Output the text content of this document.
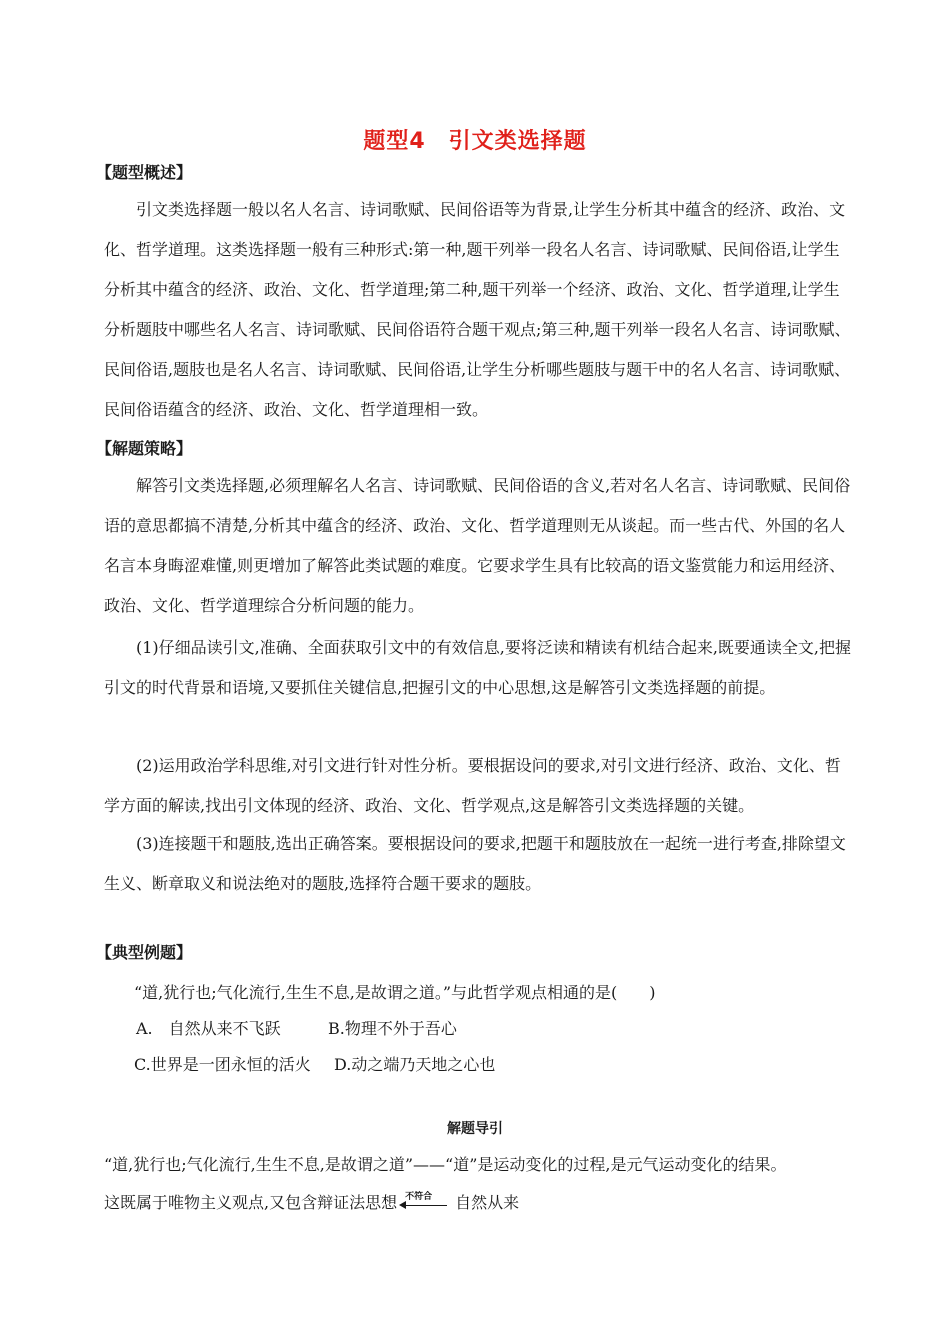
题型4　引文类选择题
【 题型概述 】

引文类选择题一般以名人名言、诗词歌赋、民间俗语等为背景,让学生分析其中蕴含的经济、政治、文化、哲学道理。这类选择题一般有三种形式:第一种,题干列举一段名人名言、诗词歌赋、民间俗语,让学生分析其中蕴含的经济、政治、文化、哲学道理;第二种,题干列举一个经济、政治、文化、哲学道理,让学生分析题肢中哪些名人名言、诗词歌赋、民间俗语符合题干观点;第三种,题干列举一段名人名言、诗词歌赋、民间俗语,题肢也是名人名言、诗词歌赋、民间俗语,让学生分析哪些题肢与题干中的名人名言、诗词歌赋、民间俗语蕴含的经济、政治、文化、哲学道理相一致。

【 解题策略 】

解答引文类选择题,必须理解名人名言、诗词歌赋、民间俗语的含义,若对名人名言、诗词歌赋、民间俗语的意思都搞不清楚,分析其中蕴含的经济、政治、文化、哲学道理则无从谈起。而一些古代、外国的名人名言本身晦涩难懂,则更增加了解答此类试题的难度。它要求学生具有比较高的语文鉴赏能力和运用经济、政治、文化、哲学道理综合分析问题的能力。

(1)仔细品读引文,准确、全面获取引文中的有效信息,要将泛读和精读有机结合起来,既要通读全文,把握引文的时代背景和语境,又要抓住关键信息,把握引文的中心思想,这是解答引文类选择题的前提。

(2)运用政治学科思维,对引文进行针对性分析。要根据设问的要求,对引文进行经济、政治、文化、哲学方面的解读,找出引文体现的经济、政治、文化、哲学观点,这是解答引文类选择题的关键。

(3)连接题干和题肢,选出正确答案。要根据设问的要求,把题干和题肢放在一起统一进行考查,排除望文生义、断章取义和说法绝对的题肢,选择符合题干要求的题肢。

【 典型例题 】
“道,犹行也;气化流行,生生不息,是故谓之道。”与此哲学观点相通的是(　　)
A.　自然从来不飞跃	B.物理不外于吾心
C.世界是一团永恒的活火 D.动之端乃天地之心也
解题导引
“道,犹行也;气化流行,生生不息,是故谓之道”——“道”是运动变化的过程,是元气运动变化的结果。
这既属于唯物主义观点,又包含辩证法思想 不符合 自然从来
